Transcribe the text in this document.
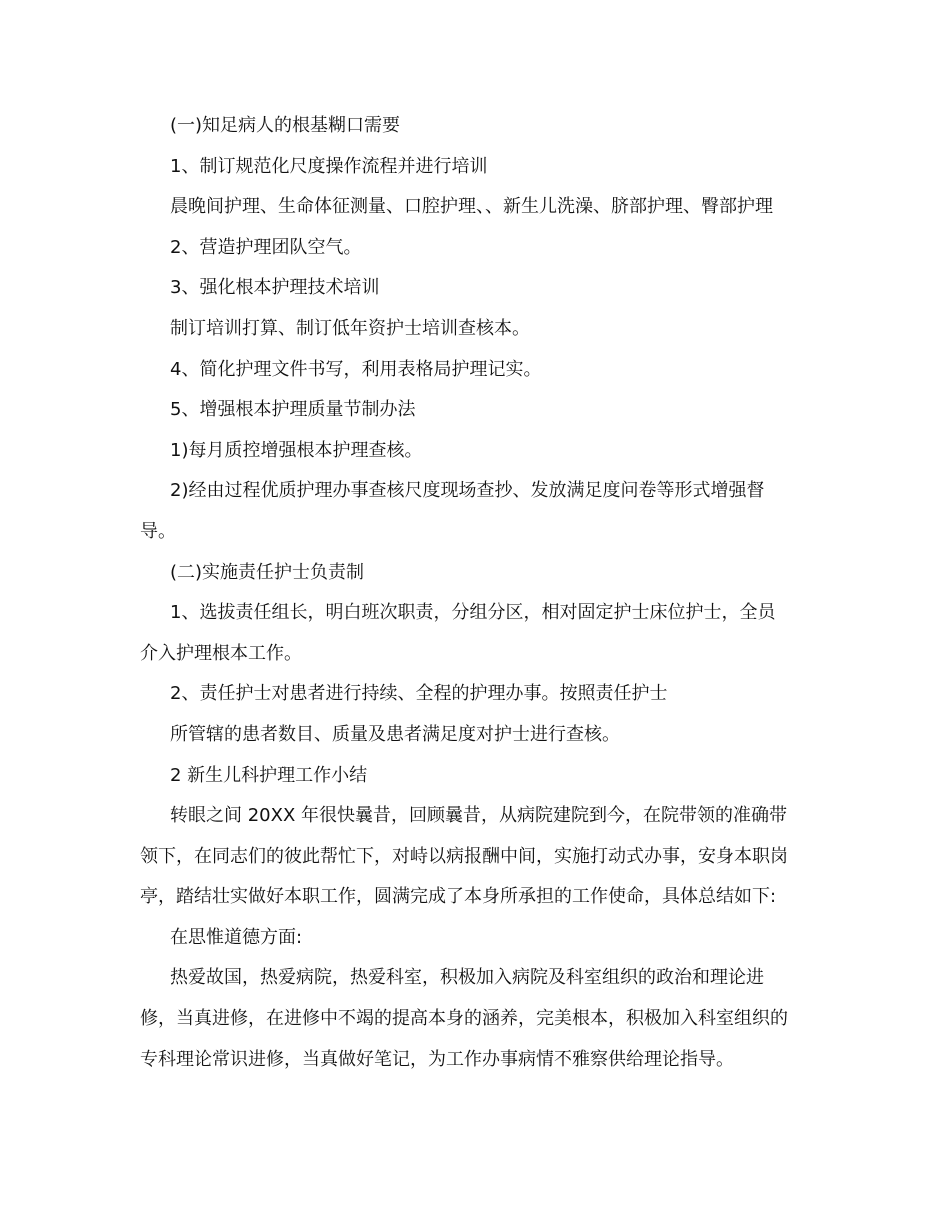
(一)知足病人的根基糊口需要

1、制订规范化尺度操作流程并进行培训

晨晚间护理、生命体征测量、口腔护理、、新生儿洗澡、脐部护理、臀部护理

2、营造护理团队空气。

3、强化根本护理技术培训

制订培训打算、制订低年资护士培训查核本。

4、简化护理文件书写，利用表格局护理记实。

5、增强根本护理质量节制办法

1)每月质控增强根本护理查核。

2)经由过程优质护理办事查核尺度现场查抄、发放满足度问卷等形式增强督

导。

(二)实施责任护士负责制

1、选拔责任组长，明白班次职责，分组分区，相对固定护士床位护士，全员

介入护理根本工作。

2、责任护士对患者进行持续、全程的护理办事。按照责任护士

所管辖的患者数目、质量及患者满足度对护士进行查核。

2 新生儿科护理工作小结

转眼之间 20XX 年很快曩昔，回顾曩昔，从病院建院到今，在院带领的准确带

领下，在同志们的彼此帮忙下，对峙以病报酬中间，实施打动式办事，安身本职岗

亭，踏结壮实做好本职工作，圆满完成了本身所承担的工作使命，具体总结如下:

在思惟道德方面:

热爱故国，热爱病院，热爱科室，积极加入病院及科室组织的政治和理论进

修，当真进修，在进修中不竭的提高本身的涵养，完美根本，积极加入科室组织的

专科理论常识进修，当真做好笔记，为工作办事病情不雅察供给理论指导。
